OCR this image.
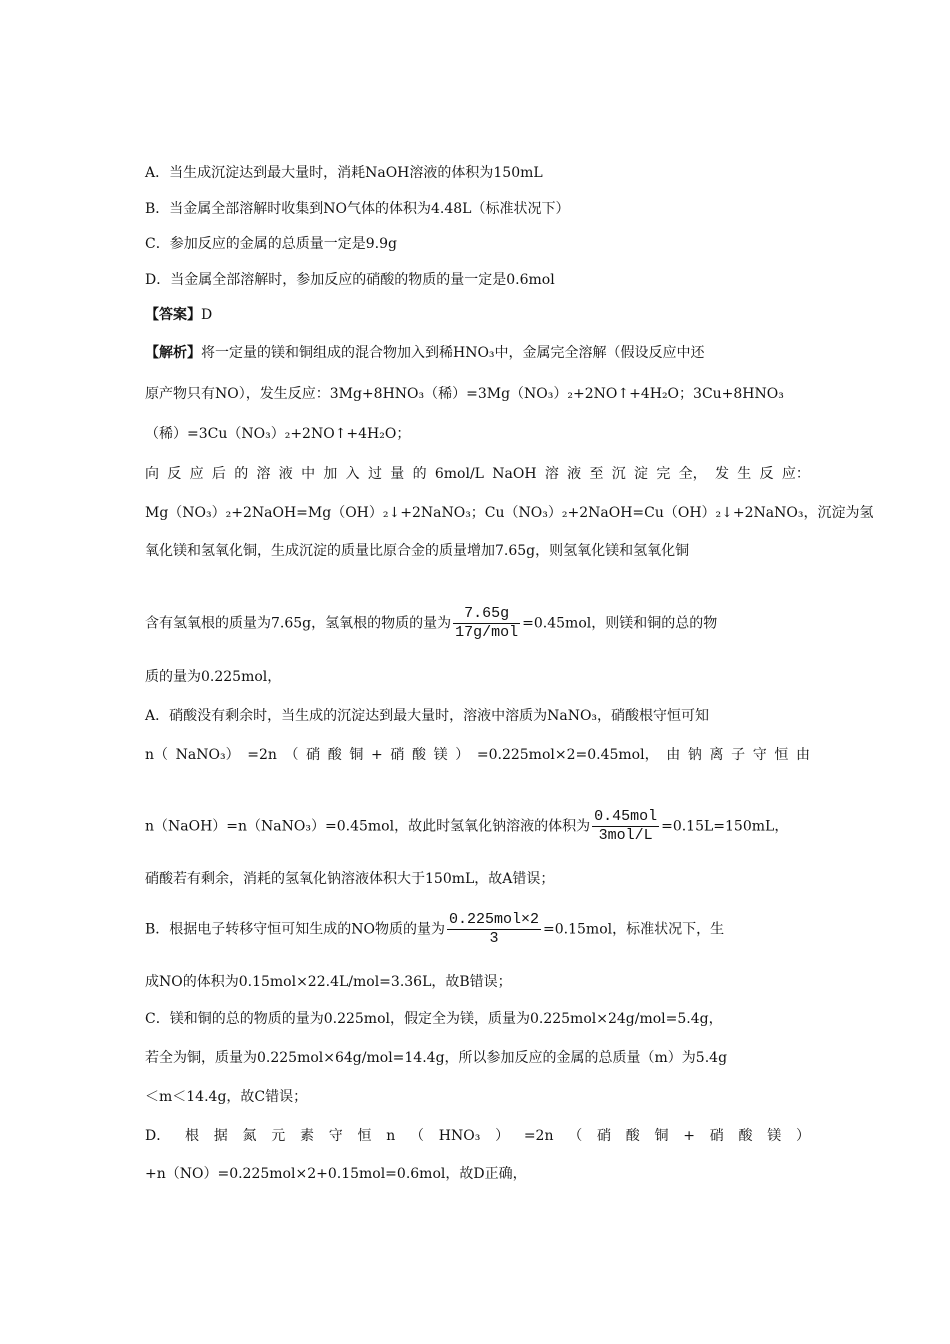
A．当生成沉淀达到最大量时，消耗NaOH溶液的体积为150mL
B．当金属全部溶解时收集到NO气体的体积为4.48L（标准状况下）
C．参加反应的金属的总质量一定是9.9g
D．当金属全部溶解时，参加反应的硝酸的物质的量一定是0.6mol
【答案】D
【解析】将一定量的镁和铜组成的混合物加入到稀HNO₃中，金属完全溶解（假设反应中还
原产物只有NO），发生反应：3Mg+8HNO₃（稀）=3Mg（NO₃）₂+2NO↑+4H₂O；3Cu+8HNO₃
（稀）=3Cu（NO₃）₂+2NO↑+4H₂O；
向 反 应 后 的 溶 液 中 加 入 过 量 的 6mol/L NaOH 溶 液 至 沉 淀 完 全， 发 生 反 应：
Mg（NO₃）₂+2NaOH=Mg（OH）₂↓+2NaNO₃；Cu（NO₃）₂+2NaOH=Cu（OH）₂↓+2NaNO₃，沉淀为氢
氧化镁和氢氧化铜，生成沉淀的质量比原合金的质量增加7.65g，则氢氧化镁和氢氧化铜
含有氢氧根的质量为7.65g，氢氧根的物质的量为 $\frac{7.65g}{\text{17g/mol}} =0.45mol$，则镁和铜的总的物
质的量为0.225mol，
A．硝酸没有剩余时，当生成的沉淀达到最大量时，溶液中溶质为NaNO₃，硝酸根守恒可知
n（ NaNO₃） =2n （ 硝 酸 铜 + 硝 酸 镁 ） =0.225mol×2=0.45mol， 由 钠 离 子 守 恒 由
n（NaOH）=n（NaNO₃）=0.45mol，故此时氢氧化钠溶液的体积为 $\frac{\text{0.45mol}}{\text{3mol/L}} =0.15L=150mL$，
硝酸若有剩余，消耗的氢氧化钠溶液体积大于150mL，故A错误；
B．根据电子转移守恒可知生成的NO物质的量为 $\frac{\text{0.225mol×2}}{3} =0.15mol$，标准状况下，生
成NO的体积为0.15mol×22.4L/mol=3.36L，故B错误；
C．镁和铜的总的物质的量为0.225mol，假定全为镁，质量为0.225mol×24g/mol=5.4g，
若全为铜，质量为0.225mol×64g/mol=14.4g，所以参加反应的金属的总质量（m）为5.4g
＜m＜14.4g，故C错误；
D． 根 据 氮 元 素 守 恒 n （ HNO₃ ） =2n （ 硝 酸 铜 + 硝 酸 镁 ）
+n（NO）=0.225mol×2+0.15mol=0.6mol，故D正确，
